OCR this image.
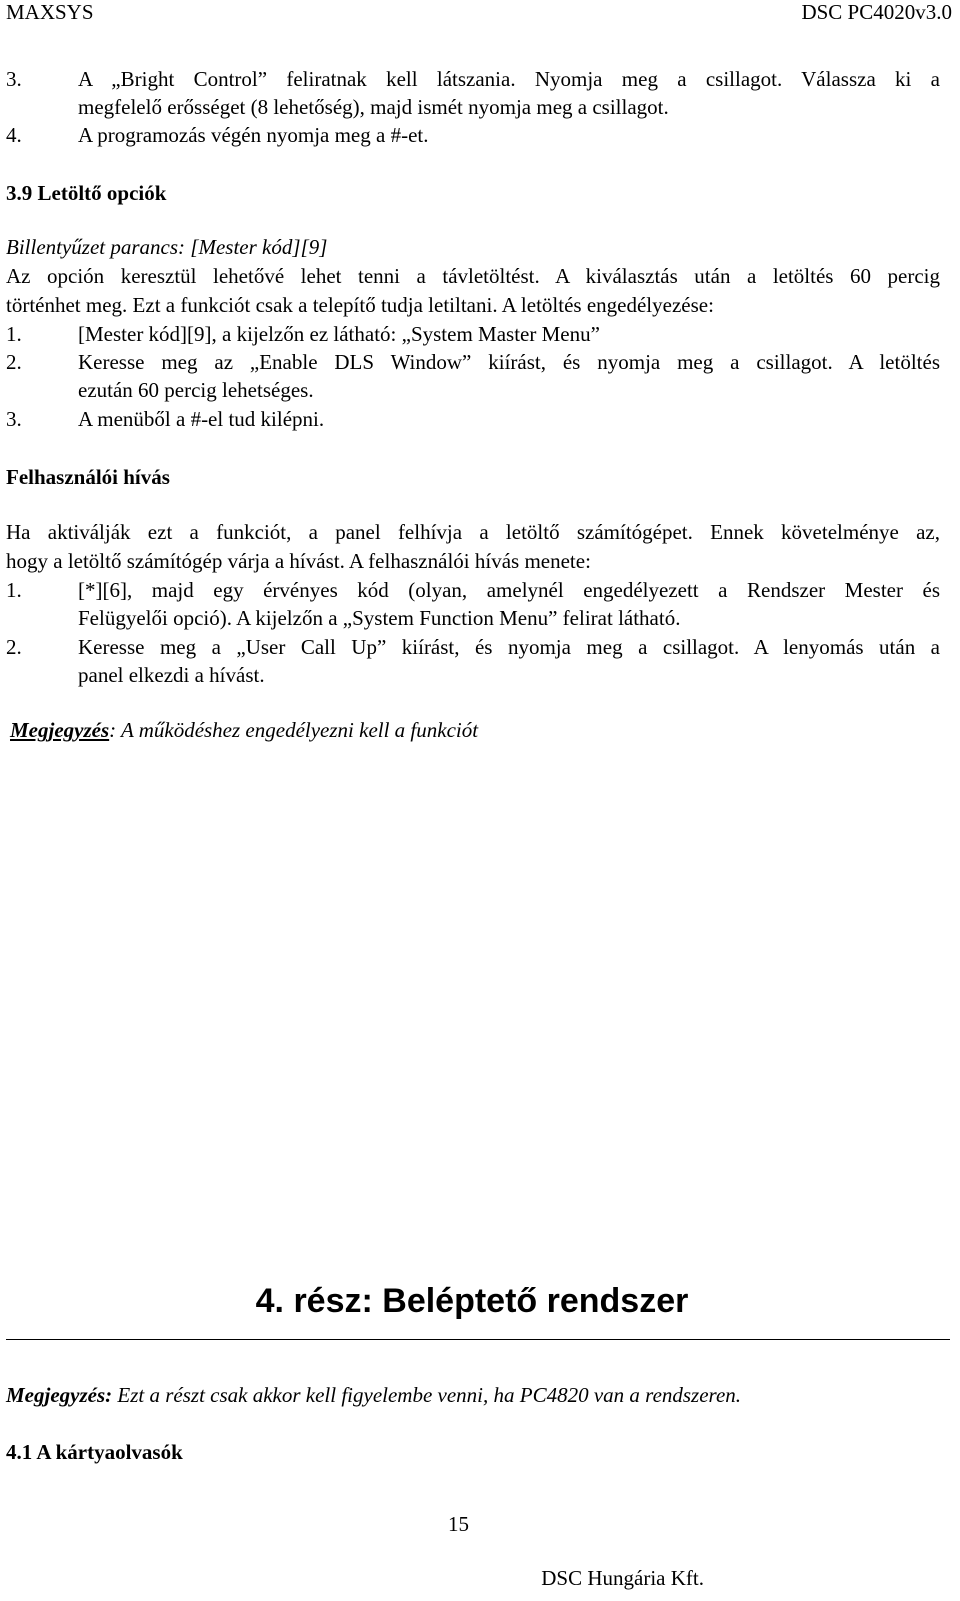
MAXSYS	DSC PC4020v3.0
3.	A „Bright Control” feliratnak kell látszania. Nyomja meg a csillagot. Válassza ki a
megfelelő erősséget (8 lehetőség), majd ismét nyomja meg a csillagot.
4.	A programozás végén nyomja meg a #-et.
3.9 Letöltő opciók
Billentyűzet parancs: [Mester kód][9]
Az opción keresztül lehetővé lehet tenni a távletöltést. A kiválasztás után a letöltés 60 percig
történhet meg. Ezt a funkciót csak a telepítő tudja letiltani. A letöltés engedélyezése:
1.	[Mester kód][9], a kijelzőn ez látható: „System Master Menu”
2.	Keresse meg az „Enable DLS Window” kiírást, és nyomja meg a csillagot. A letöltés
ezután 60 percig lehetséges.
3.	A menüből a #-el tud kilépni.
Felhasználói hívás
Ha aktiválják ezt a funkciót, a panel felhívja a letöltő számítógépet. Ennek követelménye az,
hogy a letöltő számítógép várja a hívást. A felhasználói hívás menete:
1.	[*][6], majd egy érvényes kód (olyan, amelynél engedélyezett a Rendszer Mester és
Felügyelői opció). A kijelzőn a „System Function Menu” felirat látható.
2.	Keresse meg a „User Call Up” kiírást, és nyomja meg a csillagot. A lenyomás után a
panel elkezdi a hívást.
Megjegyzés: A működéshez engedélyezni kell a funkciót
4. rész: Beléptető rendszer
Megjegyzés: Ezt a részt csak akkor kell figyelembe venni, ha PC4820 van a rendszeren.
4.1 A kártyaolvasók
15
DSC Hungária Kft.
